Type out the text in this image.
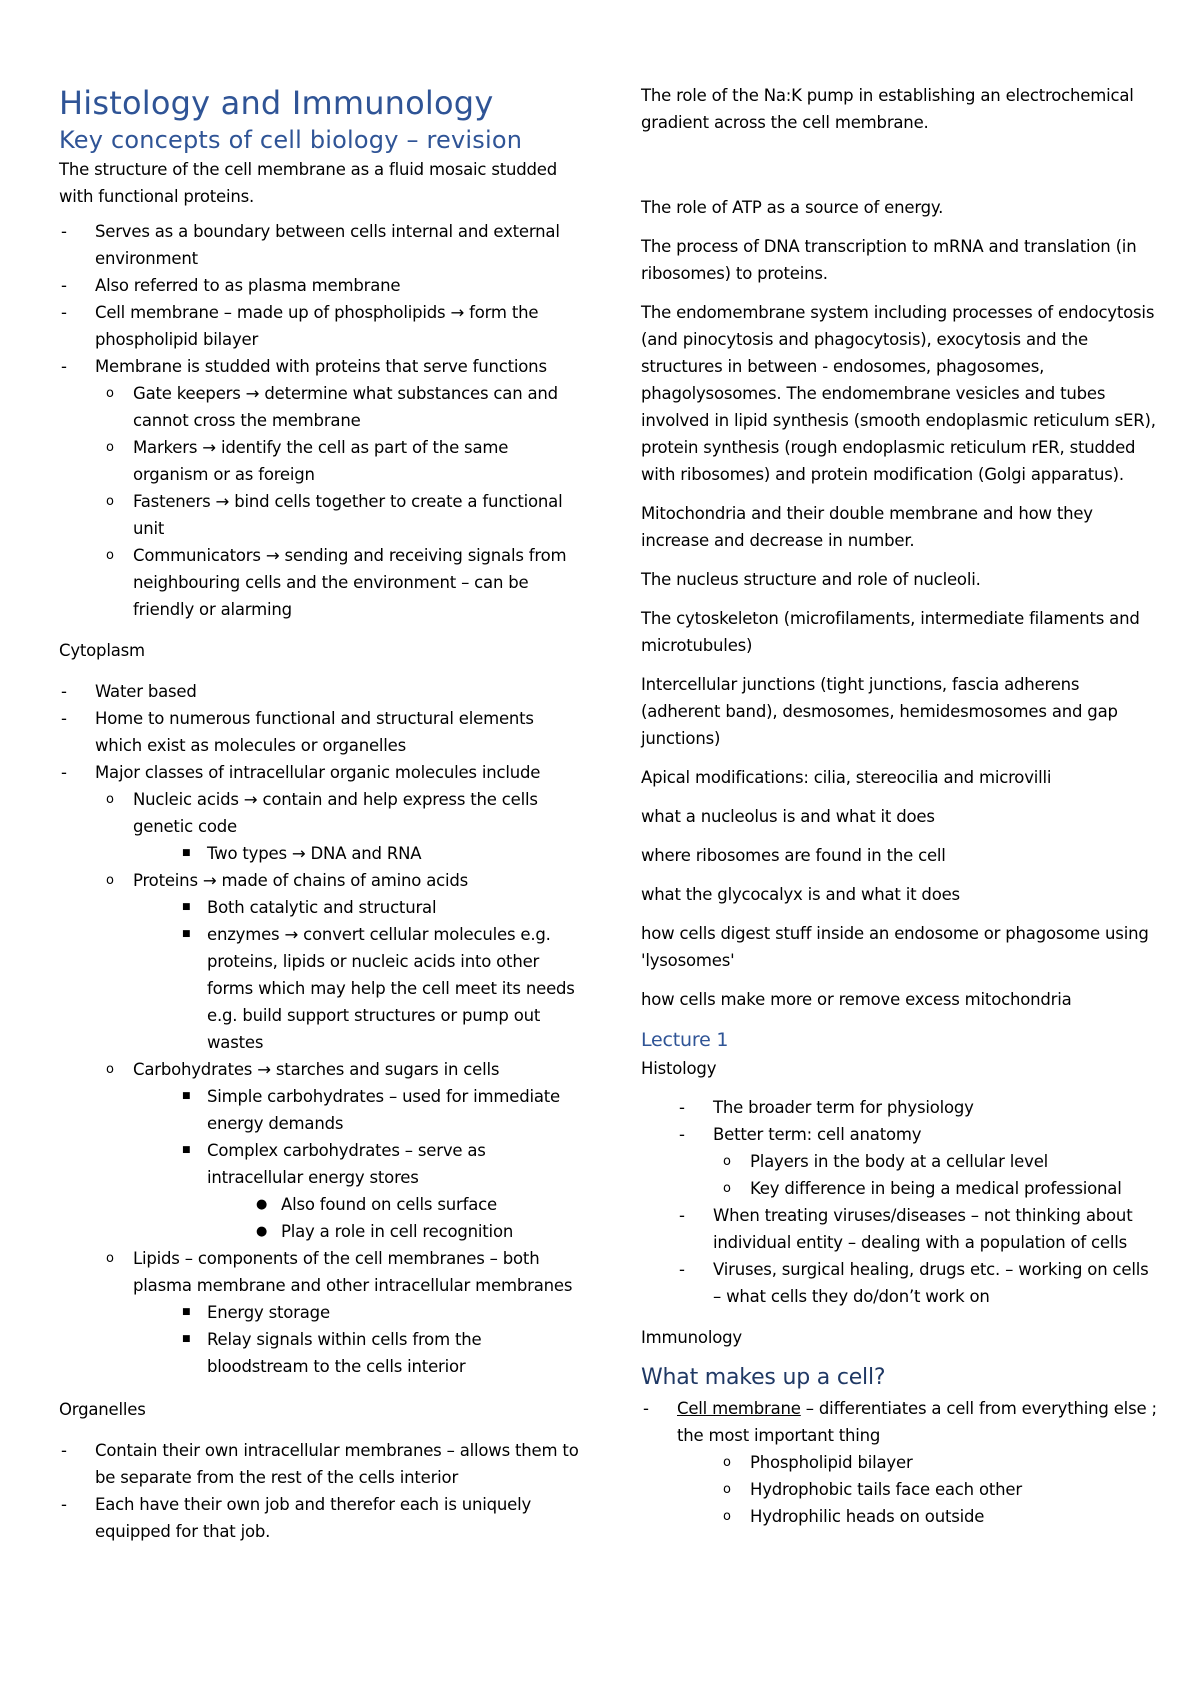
Histology and Immunology
Key concepts of cell biology – revision

The structure of the cell membrane as a fluid mosaic studded with functional proteins.

-	Serves as a boundary between cells internal and external environment
-	Also referred to as plasma membrane
-	Cell membrane – made up of phospholipids → form the phospholipid bilayer
-	Membrane is studded with proteins that serve functions
o	Gate keepers → determine what substances can and cannot cross the membrane
o	Markers → identify the cell as part of the same organism or as foreign
o	Fasteners → bind cells together to create a functional unit
o	Communicators → sending and receiving signals from neighbouring cells and the environment – can be friendly or alarming

Cytoplasm

-	Water based
-	Home to numerous functional and structural elements which exist as molecules or organelles
-	Major classes of intracellular organic molecules include
o	Nucleic acids → contain and help express the cells genetic code
■	Two types → DNA and RNA
o	Proteins → made of chains of amino acids
■	Both catalytic and structural
■	enzymes → convert cellular molecules e.g. proteins, lipids or nucleic acids into other forms which may help the cell meet its needs e.g. build support structures or pump out wastes
o	Carbohydrates → starches and sugars in cells
■	Simple carbohydrates – used for immediate energy demands
■	Complex carbohydrates – serve as intracellular energy stores
● Also found on cells surface
● Play a role in cell recognition
o	Lipids – components of the cell membranes – both plasma membrane and other intracellular membranes
■	Energy storage
■	Relay signals within cells from the bloodstream to the cells interior

Organelles

-	Contain their own intracellular membranes – allows them to be separate from the rest of the cells interior
-	Each have their own job and therefor each is uniquely equipped for that job.

The role of the Na:K pump in establishing an electrochemical gradient across the cell membrane.

The role of ATP as a source of energy.

The process of DNA transcription to mRNA and translation (in ribosomes) to proteins.

The endomembrane system including processes of endocytosis (and pinocytosis and phagocytosis), exocytosis and the structures in between - endosomes, phagosomes, phagolysosomes. The endomembrane vesicles and tubes involved in lipid synthesis (smooth endoplasmic reticulum sER), protein synthesis (rough endoplasmic reticulum rER, studded with ribosomes) and protein modification (Golgi apparatus).

Mitochondria and their double membrane and how they increase and decrease in number.

The nucleus structure and role of nucleoli.

The cytoskeleton (microfilaments, intermediate filaments and microtubules)

Intercellular junctions (tight junctions, fascia adherens (adherent band), desmosomes, hemidesmosomes and gap junctions)

Apical modifications: cilia, stereocilia and microvilli

what a nucleolus is and what it does

where ribosomes are found in the cell

what the glycocalyx is and what it does

how cells digest stuff inside an endosome or phagosome using 'lysosomes'

how cells make more or remove excess mitochondria

Lecture 1

Histology

-	The broader term for physiology
-	Better term: cell anatomy
o	Players in the body at a cellular level
o	Key difference in being a medical professional
-	When treating viruses/diseases – not thinking about individual entity – dealing with a population of cells
-	Viruses, surgical healing, drugs etc. – working on cells – what cells they do/don’t work on

Immunology

What makes up a cell?
-	Cell membrane – differentiates a cell from everything else ; the most important thing
o	Phospholipid bilayer
o	Hydrophobic tails face each other
o	Hydrophilic heads on outside
